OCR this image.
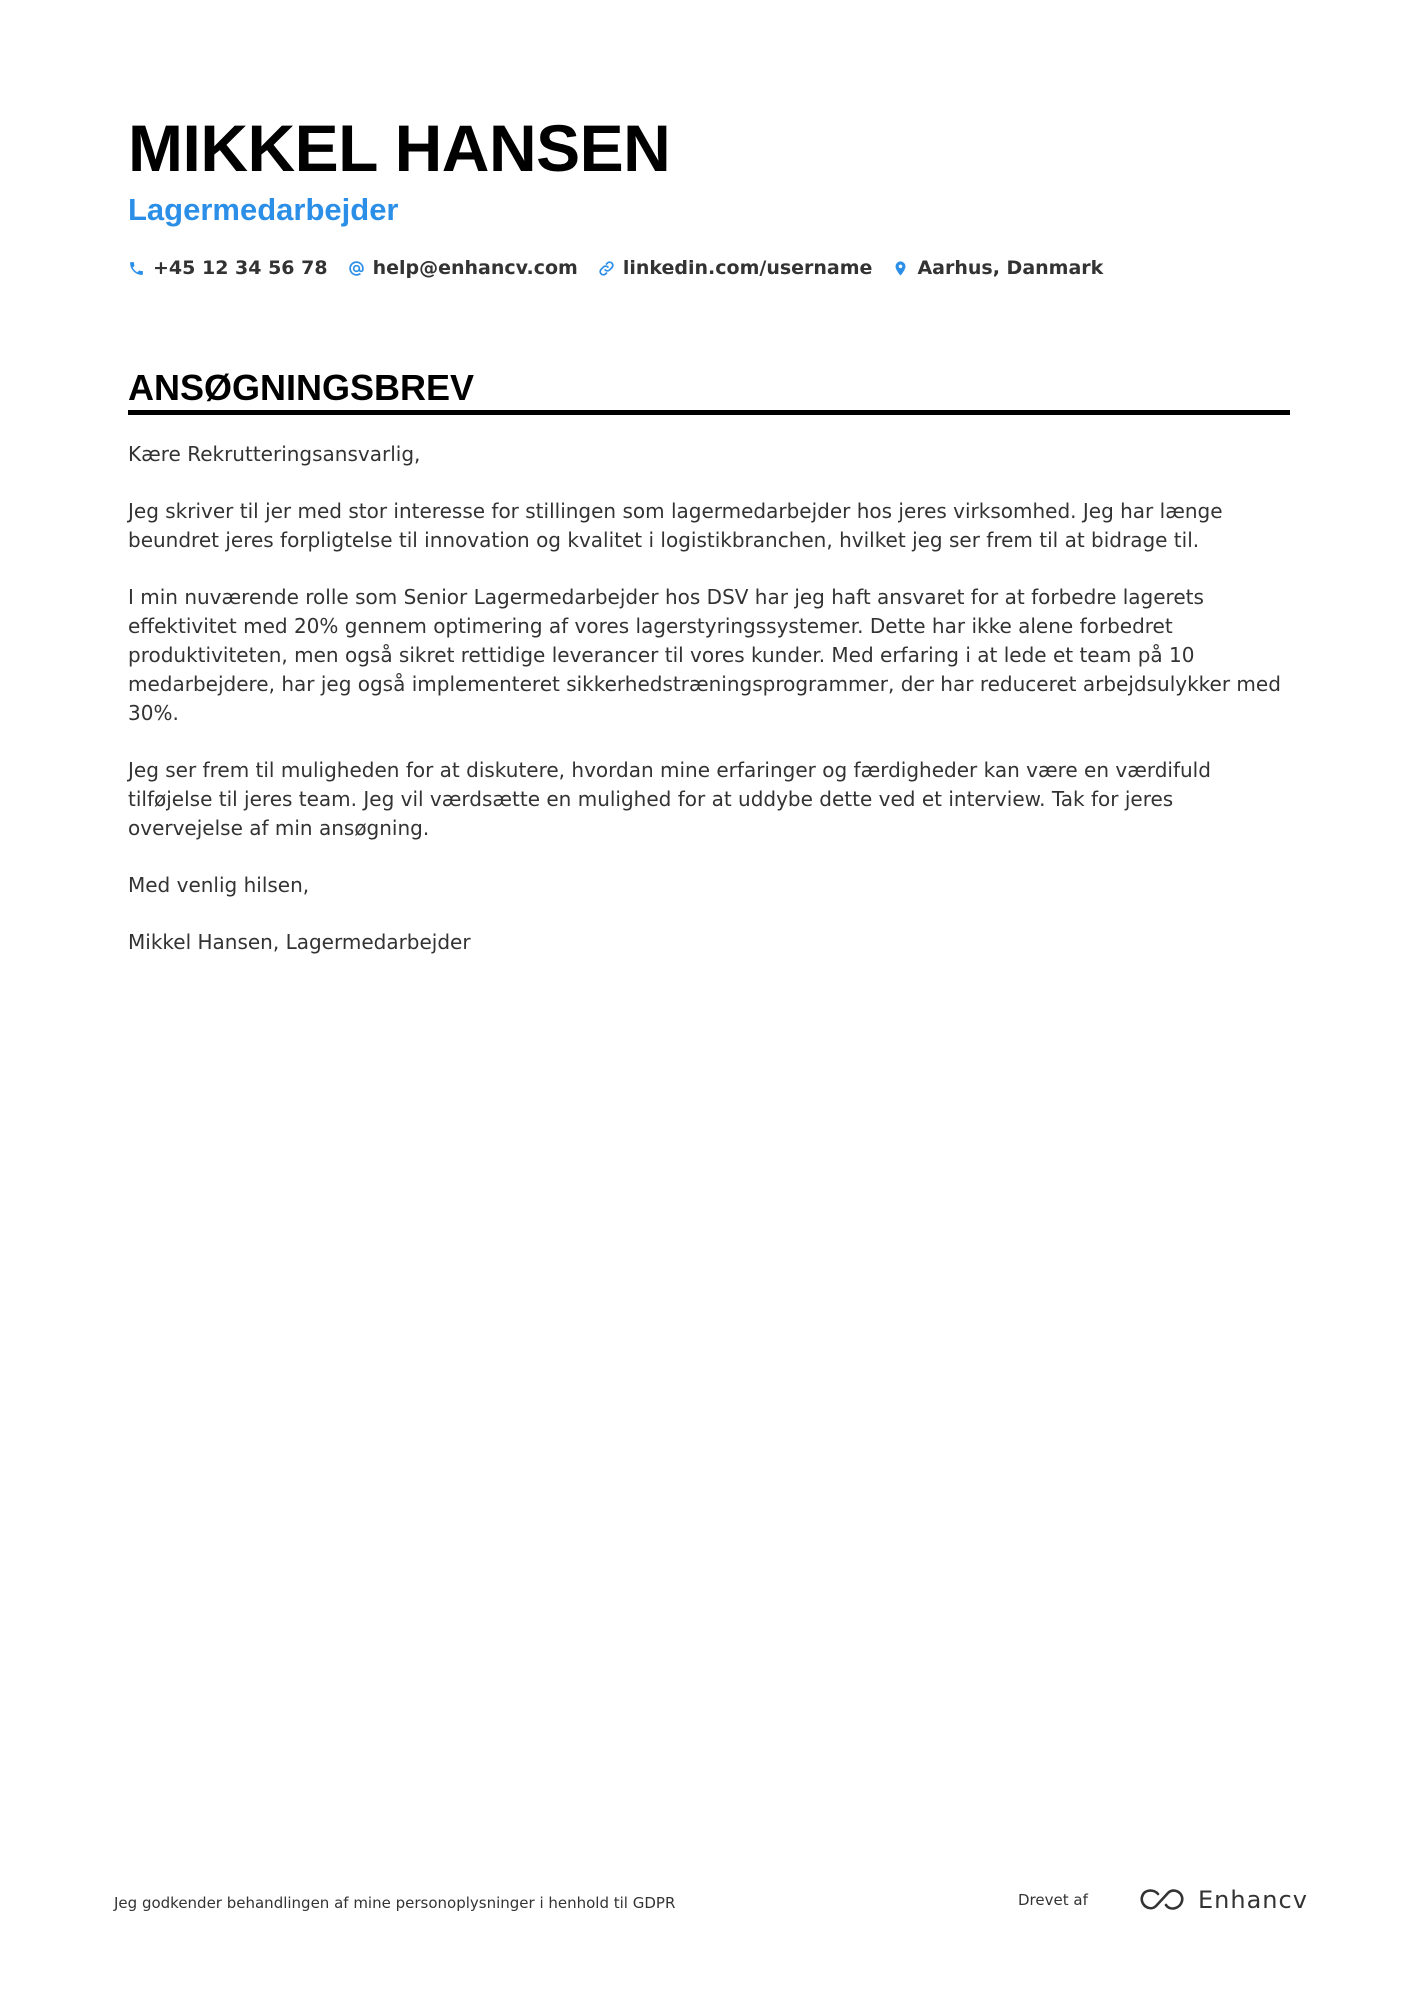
MIKKEL HANSEN
Lagermedarbejder
+45 12 34 56 78 help@enhancv.com linkedin.com/username Aarhus, Danmark
ANSØGNINGSBREV

Kære Rekrutteringsansvarlig,

Jeg skriver til jer med stor interesse for stillingen som lagermedarbejder hos jeres virksomhed. Jeg har længe beundret jeres forpligtelse til innovation og kvalitet i logistikbranchen, hvilket jeg ser frem til at bidrage til.

I min nuværende rolle som Senior Lagermedarbejder hos DSV har jeg haft ansvaret for at forbedre lagerets effektivitet med 20% gennem optimering af vores lagerstyringssystemer. Dette har ikke alene forbedret produktiviteten, men også sikret rettidige leverancer til vores kunder. Med erfaring i at lede et team på 10 medarbejdere, har jeg også implementeret sikkerhedstræningsprogrammer, der har reduceret arbejdsulykker med 30%.

Jeg ser frem til muligheden for at diskutere, hvordan mine erfaringer og færdigheder kan være en værdifuld tilføjelse til jeres team. Jeg vil værdsætte en mulighed for at uddybe dette ved et interview. Tak for jeres overvejelse af min ansøgning.

Med venlig hilsen,

Mikkel Hansen, Lagermedarbejder

Jeg godkender behandlingen af mine personoplysninger i henhold til GDPR	Drevet af	Enhancv
